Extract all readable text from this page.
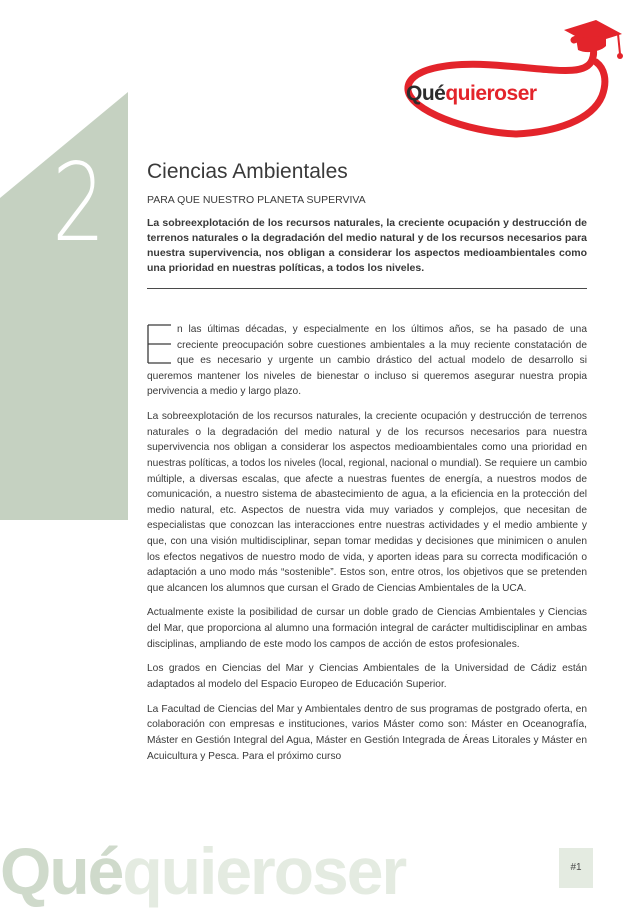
2
Quéquieroser
Ciencias Ambientales
PARA QUE NUESTRO PLANETA SUPERVIVA

La sobreexplotación de los recursos naturales, la creciente ocupación y destrucción de terrenos naturales o la degradación del medio natural y de los recursos necesarios para nuestra supervivencia, nos obligan a considerar los aspectos medioambientales como una prioridad en nuestras políticas, a todos los niveles.

n las últimas décadas, y especialmente en los últimos años, se ha pasado de una creciente preocupación sobre cuestiones ambientales a la muy reciente constatación de que es necesario y urgente un cambio drástico del actual modelo de desarrollo si queremos mantener los niveles de bienestar o incluso si queremos asegurar nuestra propia pervivencia a medio y largo plazo.

La sobreexplotación de los recursos naturales, la creciente ocupación y destrucción de terrenos naturales o la degradación del medio natural y de los recursos necesarios para nuestra supervivencia nos obligan a considerar los aspectos medioambientales como una prioridad en nuestras políticas, a todos los niveles (local, regional, nacional o mundial). Se requiere un cambio múltiple, a diversas escalas, que afecte a nuestras fuentes de energía, a nuestros modos de comunicación, a nuestro sistema de abastecimiento de agua, a la eficiencia en la protección del medio natural, etc. Aspectos de nuestra vida muy variados y complejos, que necesitan de especialistas que conozcan las interacciones entre nuestras actividades y el medio ambiente y que, con una visión multidisciplinar, sepan tomar medidas y decisiones que minimicen o anulen los efectos negativos de nuestro modo de vida, y aporten ideas para su correcta modificación o adaptación a uno modo más “sostenible”. Estos son, entre otros, los objetivos que se pretenden que alcancen los alumnos que cursan el Grado de Ciencias Ambientales de la UCA.

Actualmente existe la posibilidad de cursar un doble grado de Ciencias Ambientales y Ciencias del Mar, que proporciona al alumno una formación integral de carácter multidisciplinar en ambas disciplinas, ampliando de este modo los campos de acción de estos profesionales.

Los grados en Ciencias del Mar y Ciencias Ambientales de la Universidad de Cádiz están adaptados al modelo del Espacio Europeo de Educación Superior.

La Facultad de Ciencias del Mar y Ambientales dentro de sus programas de postgrado oferta, en colaboración con empresas e instituciones, varios Máster como son: Máster en Oceanografía, Máster en Gestión Integral del Agua, Máster en Gestión Integrada de Áreas Litorales y Máster en Acuicultura y Pesca. Para el próximo curso

Quéquieroser	#1
